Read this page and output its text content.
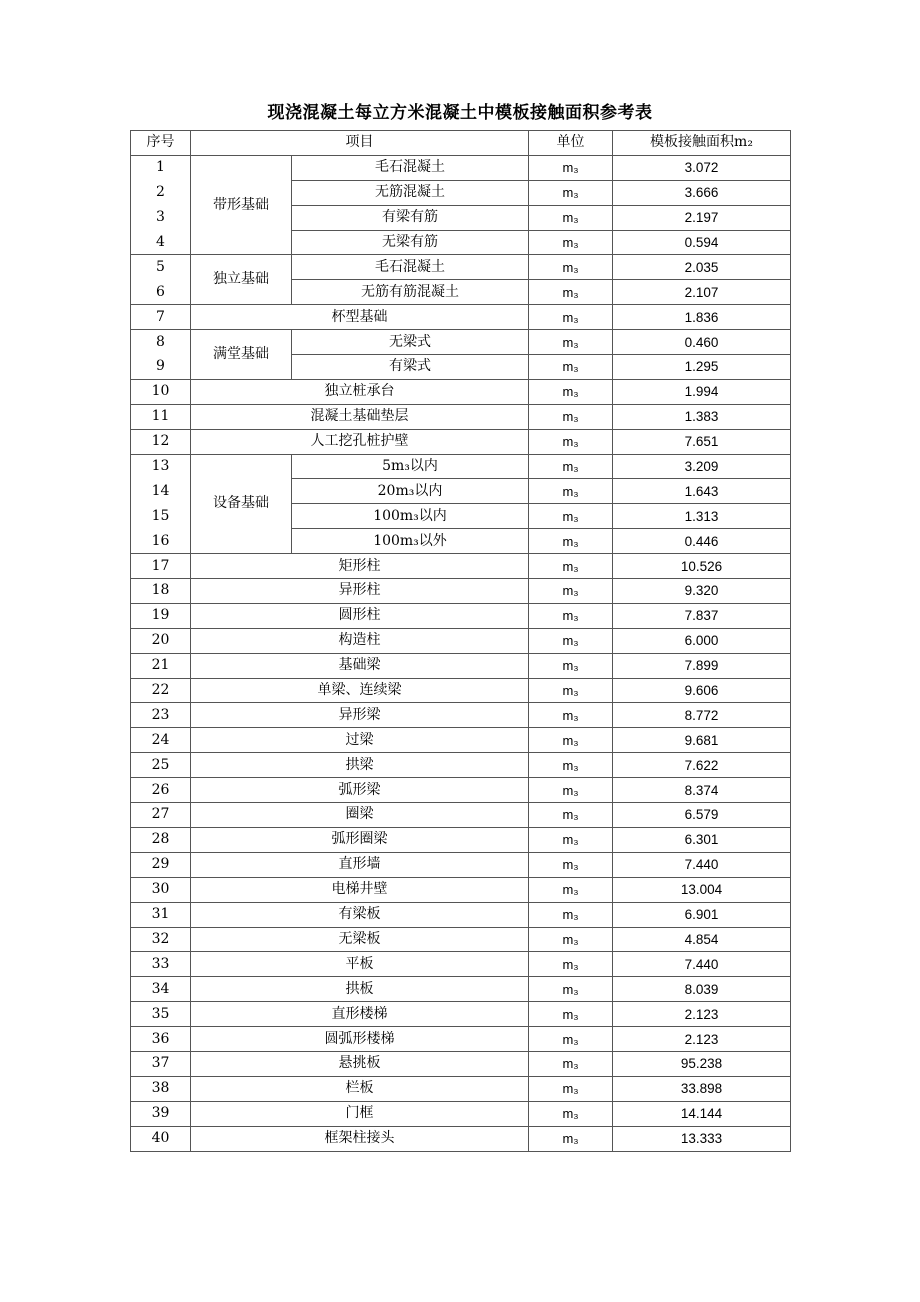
现浇混凝土每立方米混凝土中模板接触面积参考表
序号	项目		单位	模板接触面积m₂
1	带形基础	毛石混凝土	m₃	3.072
2		无筋混凝土	m₃	3.666
3		有梁有筋	m₃	2.197
4		无梁有筋	m₃	0.594
5	独立基础	毛石混凝土	m₃	2.035
6		无筋有筋混凝土	m₃	2.107
7	杯型基础		m₃	1.836
8	满堂基础	无梁式	m₃	0.460
9		有梁式	m₃	1.295
10	独立桩承台		m₃	1.994
11	混凝土基础垫层		m₃	1.383
12	人工挖孔桩护壁		m₃	7.651
13	设备基础	5m₃以内	m₃	3.209
14		20m₃以内	m₃	1.643
15		100m₃以内	m₃	1.313
16		100m₃以外	m₃	0.446
17	矩形柱		m₃	10.526
18	异形柱		m₃	9.320
19	圆形柱		m₃	7.837
20	构造柱		m₃	6.000
21	基础梁		m₃	7.899
22	单梁、连续梁		m₃	9.606
23	异形梁		m₃	8.772
24	过梁		m₃	9.681
25	拱梁		m₃	7.622
26	弧形梁		m₃	8.374
27	圈梁		m₃	6.579
28	弧形圈梁		m₃	6.301
29	直形墙		m₃	7.440
30	电梯井壁		m₃	13.004
31	有梁板		m₃	6.901
32	无梁板		m₃	4.854
33	平板		m₃	7.440
34	拱板		m₃	8.039
35	直形楼梯		m₃	2.123
36	圆弧形楼梯		m₃	2.123
37	悬挑板		m₃	95.238
38	栏板		m₃	33.898
39	门框		m₃	14.144
40	框架柱接头		m₃	13.333
